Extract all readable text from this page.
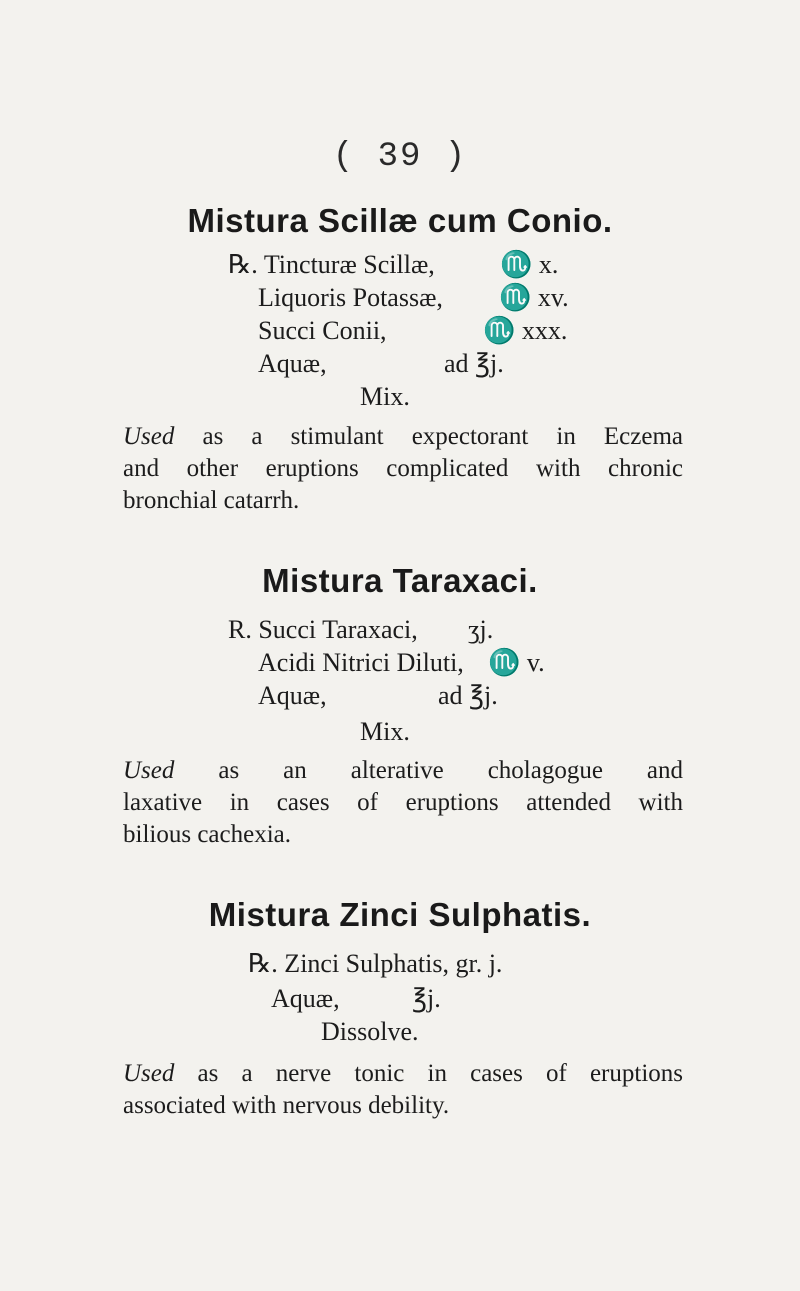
( 39 )
Mistura Scillæ cum Conio.
℞. Tincturæ Scillæ,	♏ x.
Liquoris Potassæ, ♏ xv.
Succi Conii,	♏ xxx.
Aquæ,	ad ℥j.
Mix.
Used as a stimulant expectorant in Eczema
and other eruptions complicated with chronic
bronchial catarrh.
Mistura Taraxaci.
R. Succi Taraxaci, ʒj.
Acidi Nitrici Diluti, ♏ v.
Aquæ,	ad ℥j.
Mix.
Used as an alterative cholagogue and
laxative in cases of eruptions attended with
bilious cachexia.
Mistura Zinci Sulphatis.
℞. Zinci Sulphatis, gr. j.
Aquæ,	℥j.
Dissolve.
Used as a nerve tonic in cases of eruptions
associated with nervous debility.
